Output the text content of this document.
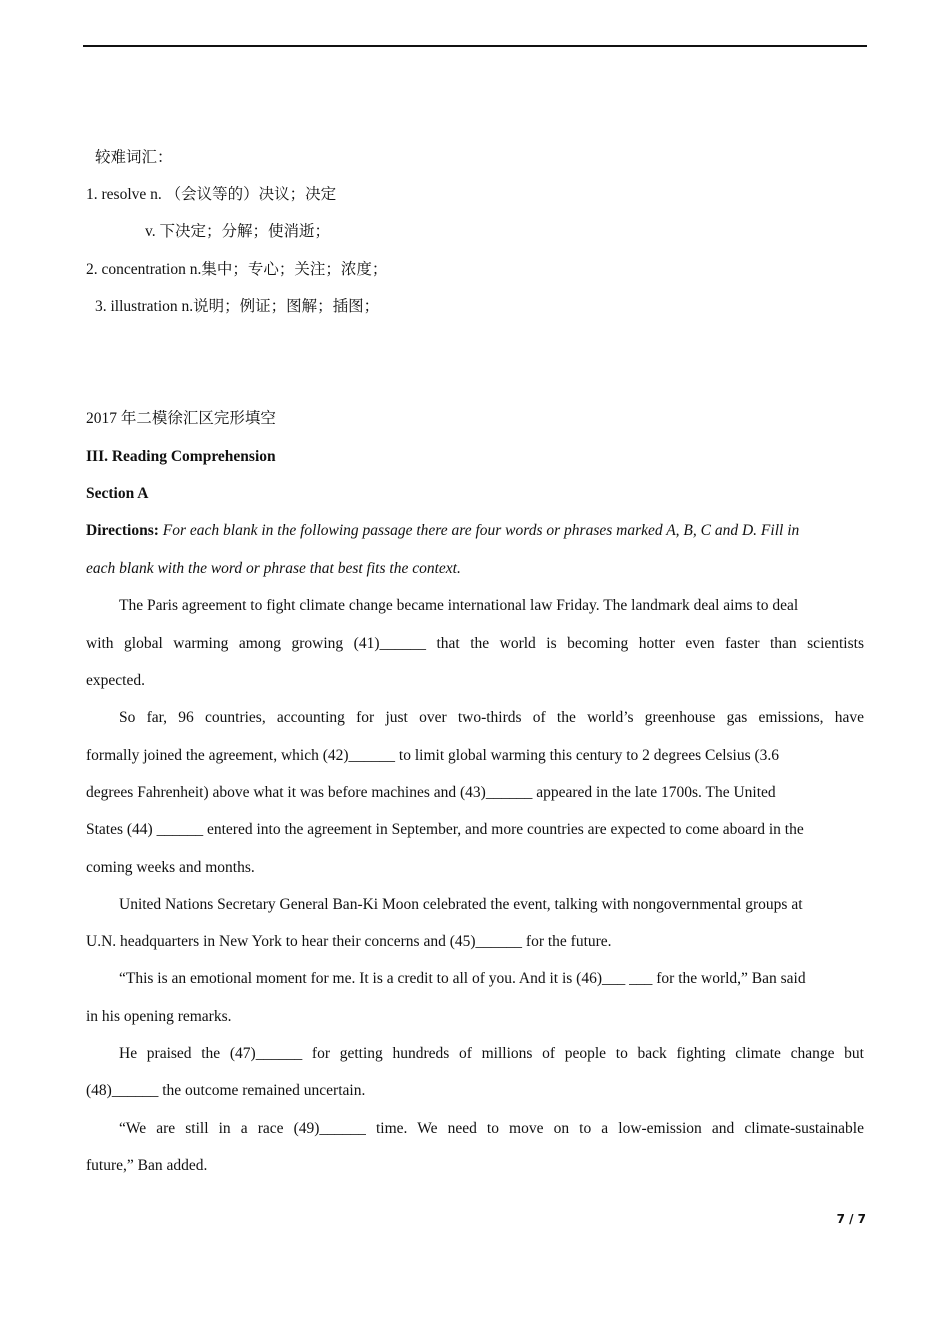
较难词汇：
1. resolve n. （会议等的）决议；决定
v. 下决定；分解；使消逝；
2. concentration n.集中；专心；关注；浓度；
3. illustration n.说明；例证；图解；插图；
2017 年二模徐汇区完形填空
III. Reading Comprehension
Section A
Directions: For each blank in the following passage there are four words or phrases marked A, B, C and D. Fill in
each blank with the word or phrase that best fits the context.
The Paris agreement to fight climate change became international law Friday. The landmark deal aims to deal
with global warming among growing (41)______ that the world is becoming hotter even faster than scientists
expected.
So far, 96 countries, accounting for just over two-thirds of the world’s greenhouse gas emissions, have
formally joined the agreement, which (42)______ to limit global warming this century to 2 degrees Celsius (3.6
degrees Fahrenheit) above what it was before machines and (43)______ appeared in the late 1700s. The United
States (44) ______ entered into the agreement in September, and more countries are expected to come aboard in the
coming weeks and months.
United Nations Secretary General Ban-Ki Moon celebrated the event, talking with nongovernmental groups at
U.N. headquarters in New York to hear their concerns and (45)______ for the future.
“This is an emotional moment for me. It is a credit to all of you. And it is (46)___ ___ for the world,” Ban said
in his opening remarks.
He praised the (47)______ for getting hundreds of millions of people to back fighting climate change but
(48)______ the outcome remained uncertain.
“We are still in a race (49)______ time. We need to move on to a low-emission and climate-sustainable
future,” Ban added.
7 / 7
